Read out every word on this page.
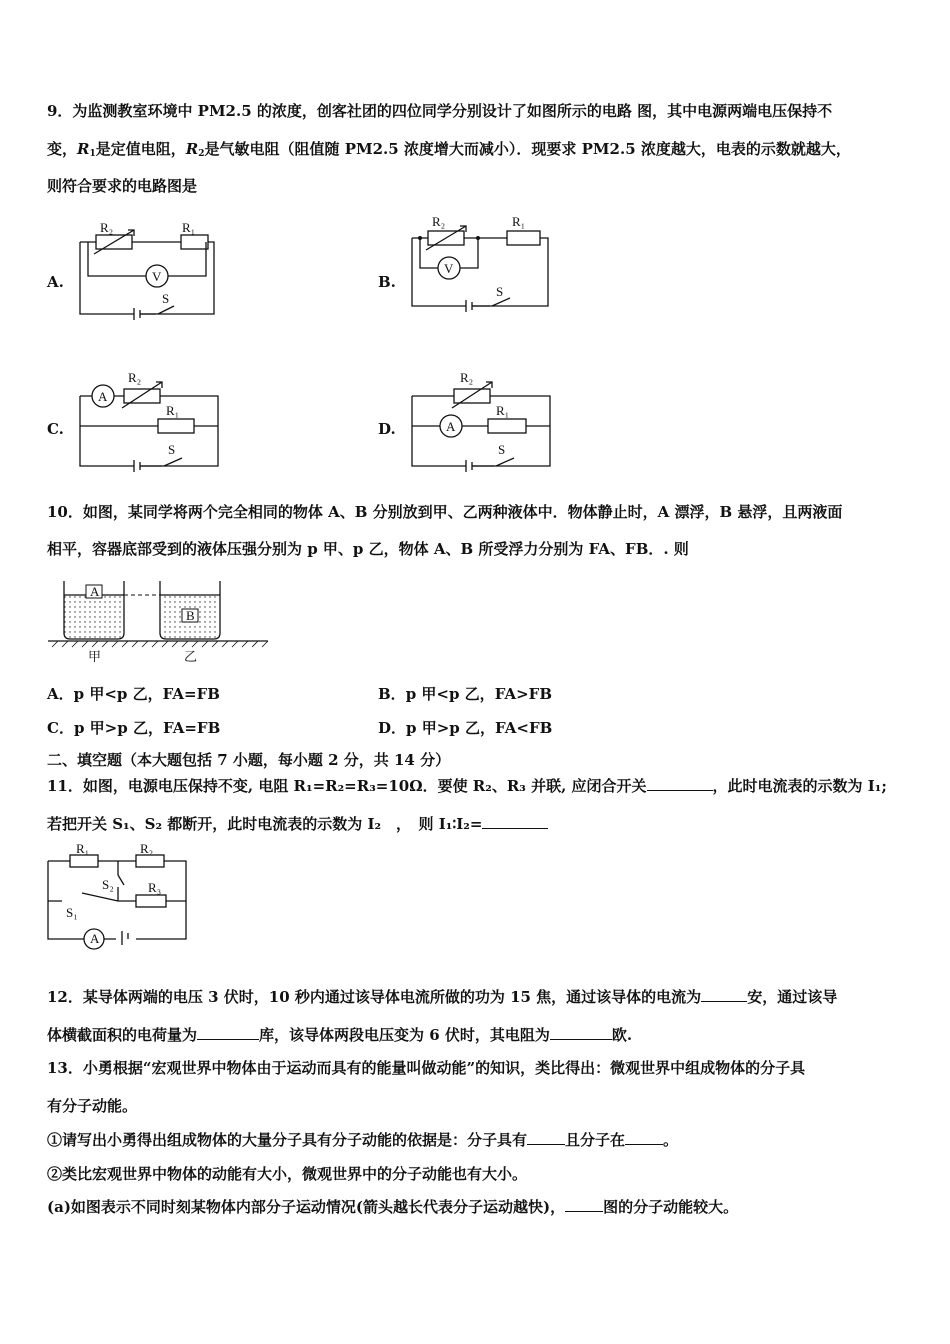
9．为监测教室环境中 PM2.5 的浓度，创客社团的四位同学分别设计了如图所示的电路 图，其中电源两端电压保持不
变，$R_1$是定值电阻，$R_2$是气敏电阻（阻值随 PM2.5 浓度增大而减小）．现要求 PM2.5 浓度越大，电表的示数就越大，
则符合要求的电路图是
A.	B.
C.	D.
R₂	R₁
V
S
R₂	R₁
V
S
A
R₂
R₁
S
R₂
A
R₁
S
10．如图，某同学将两个完全相同的物体 A、B 分别放到甲、乙两种液体中．物体静止时，A 漂浮，B 悬浮，且两液面
相平，容器底部受到的液体压强分别为 p 甲、p 乙，物体 A、B 所受浮力分别为 FA、FB．. 则
A
B
甲	乙
A．p 甲<p 乙，FA=FB	B．p 甲<p 乙，FA>FB
C．p 甲>p 乙，FA=FB	D．p 甲>p 乙，FA<FB
二、填空题（本大题包括 7 小题，每小题 2 分，共 14 分）
11．如图，电源电压保持不变, 电阻 R₁=R₂=R₃=10Ω．要使 R₂、R₃ 并联, 应闭合开关	，此时电流表的示数为 I₁;
若把开关 S₁、S₂ 都断开，此时电流表的示数为 I₂　，　则 I₁∶I₂=
R₁	R₂
R₃
S₂
S₁
A
12．某导体两端的电压 3 伏时，10 秒内通过该导体电流所做的功为 15 焦，通过该导体的电流为	安，通过该导
体横截面积的电荷量为	库，该导体两段电压变为 6 伏时，其电阻为	欧.
13．小勇根据“宏观世界中物体由于运动而具有的能量叫做动能”的知识，类比得出：微观世界中组成物体的分子具
有分子动能。
①请写出小勇得出组成物体的大量分子具有分子动能的依据是：分子具有	且分子在	。
②类比宏观世界中物体的动能有大小，微观世界中的分子动能也有大小。
(a)如图表示不同时刻某物体内部分子运动情况(箭头越长代表分子运动越快)，	图的分子动能较大。
